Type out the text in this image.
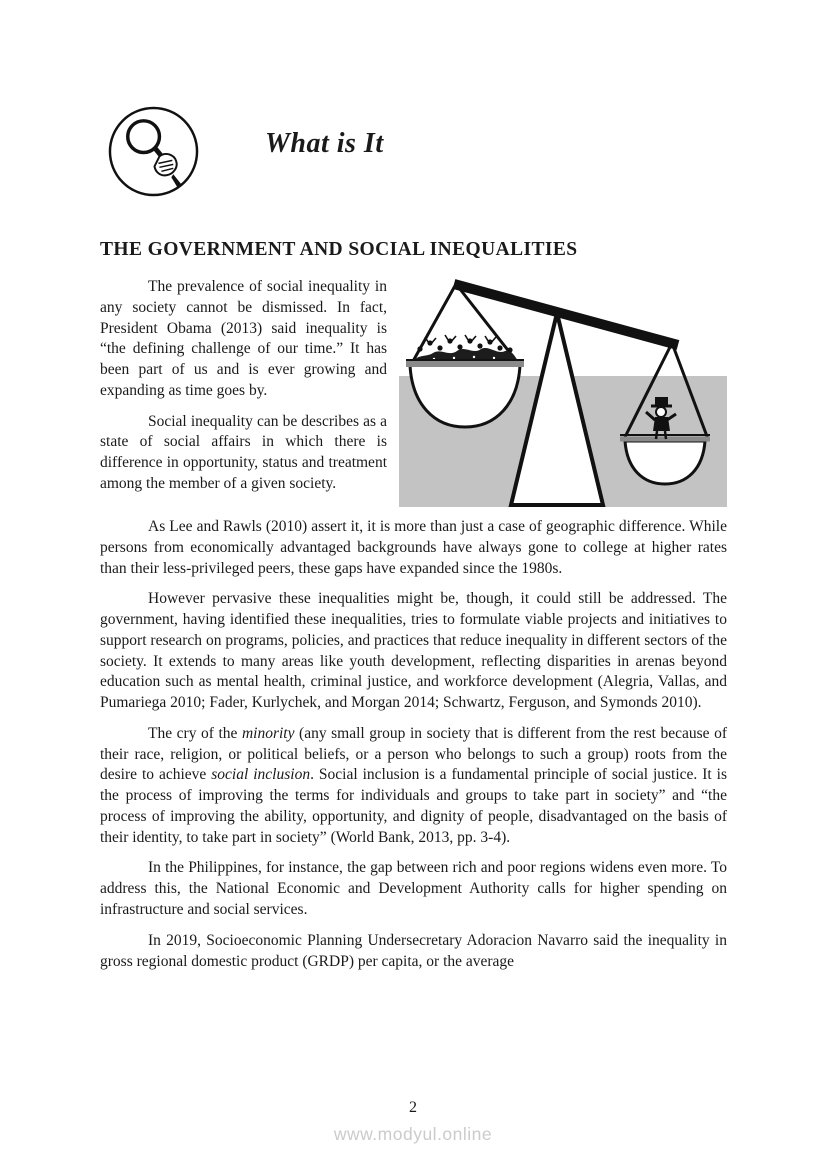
What is It
THE GOVERNMENT AND SOCIAL INEQUALITIES

The prevalence of social inequality in any society cannot be dismissed. In fact, President Obama (2013) said inequality is “the defining challenge of our time.” It has been part of us and is ever growing and expanding as time goes by.

Social inequality can be describes as a state of social affairs in which there is difference in opportunity, status and treatment among the member of a given society.

As Lee and Rawls (2010) assert it, it is more than just a case of geographic difference. While persons from economically advantaged backgrounds have always gone to college at higher rates than their less-privileged peers, these gaps have expanded since the 1980s.

However pervasive these inequalities might be, though, it could still be addressed. The government, having identified these inequalities, tries to formulate viable projects and initiatives to support research on programs, policies, and practices that reduce inequality in different sectors of the society. It extends to many areas like youth development, reflecting disparities in arenas beyond education such as mental health, criminal justice, and workforce development (Alegria, Vallas, and Pumariega 2010; Fader, Kurlychek, and Morgan 2014; Schwartz, Ferguson, and Symonds 2010).

The cry of the minority (any small group in society that is different from the rest because of their race, religion, or political beliefs, or a person who belongs to such a group) roots from the desire to achieve social inclusion. Social inclusion is a fundamental principle of social justice. It is the process of improving the terms for individuals and groups to take part in society” and “the process of improving the ability, opportunity, and dignity of people, disadvantaged on the basis of their identity, to take part in society” (World Bank, 2013, pp. 3-4).

In the Philippines, for instance, the gap between rich and poor regions widens even more. To address this, the National Economic and Development Authority calls for higher spending on infrastructure and social services.

In 2019, Socioeconomic Planning Undersecretary Adoracion Navarro said the inequality in gross regional domestic product (GRDP) per capita, or the average

2
www.modyul.online
